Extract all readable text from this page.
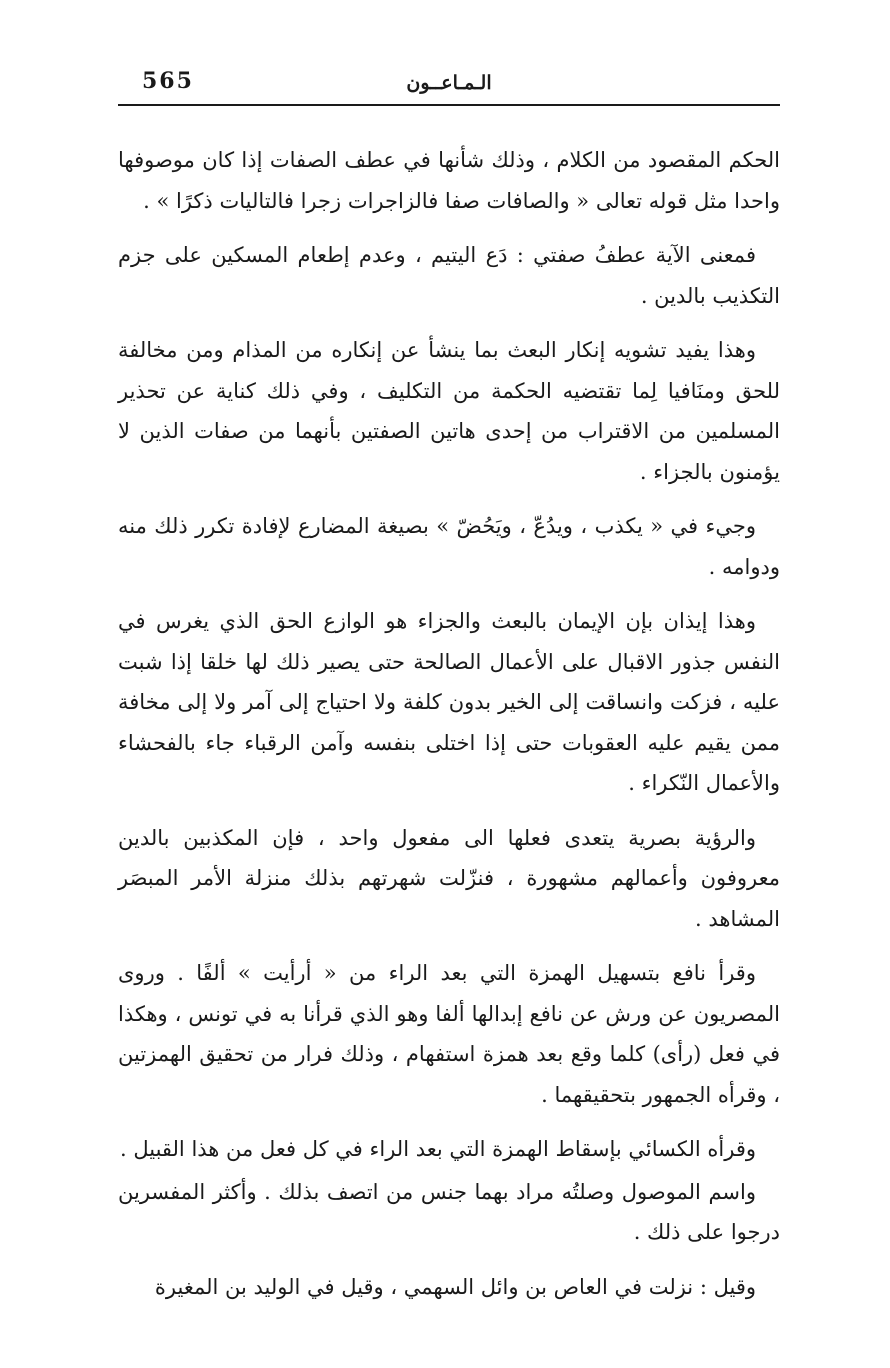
الـمـاعــون
565

الحكم المقصود من الكلام ، وذلك شأنها في عطف الصفات إذا كان موصوفها واحدا مثل قوله تعالى « والصافات صفا فالزاجرات زجرا فالتاليات ذكرًا » .

فمعنى الآية عطفُ صفتي : دَع اليتيم ، وعدم إطعام المسكين على جزم التكذيب بالدين .

وهذا يفيد تشويه إنكار البعث بما ينشأ عن إنكاره من المذام ومن مخالفة للحق ومنَافيا لِما تقتضيه الحكمة من التكليف ، وفي ذلك كناية عن تحذير المسلمين من الاقتراب من إحدى هاتين الصفتين بأنهما من صفات الذين لا يؤمنون بالجزاء .

وجيء في « يكذب ، ويدُعّ ، ويَحُضّ » بصيغة المضارع لإفادة تكرر ذلك منه ودوامه .

وهذا إيذان بإن الإيمان بالبعث والجزاء هو الوازع الحق الذي يغرس في النفس جذور الاقبال على الأعمال الصالحة حتى يصير ذلك لها خلقا إذا شبت عليه ، فزكت وانساقت إلى الخير بدون كلفة ولا احتياج إلى آمر ولا إلى مخافة ممن يقيم عليه العقوبات حتى إذا اختلى بنفسه وآمن الرقباء جاء بالفحشاء والأعمال النّكراء .

والرؤية بصرية يتعدى فعلها الى مفعول واحد ، فإن المكذبين بالدين معروفون وأعمالهم مشهورة ، فنزّلت شهرتهم بذلك منزلة الأمر المبصَر المشاهد .

وقرأ نافع بتسهيل الهمزة التي بعد الراء من « أرأيت » ألفًا . وروى المصريون عن ورش عن نافع إبدالها ألفا وهو الذي قرأنا به في تونس ، وهكذا في فعل (رأى) كلما وقع بعد همزة استفهام ، وذلك فرار من تحقيق الهمزتين ، وقرأه الجمهور بتحقيقهما .

وقرأه الكسائي بإسقاط الهمزة التي بعد الراء في كل فعل من هذا القبيل .

واسم الموصول وصلتُه مراد بهما جنس من اتصف بذلك . وأكثر المفسرين درجوا على ذلك .

وقيل : نزلت في العاص بن وائل السهمي ، وقيل في الوليد بن المغيرة
